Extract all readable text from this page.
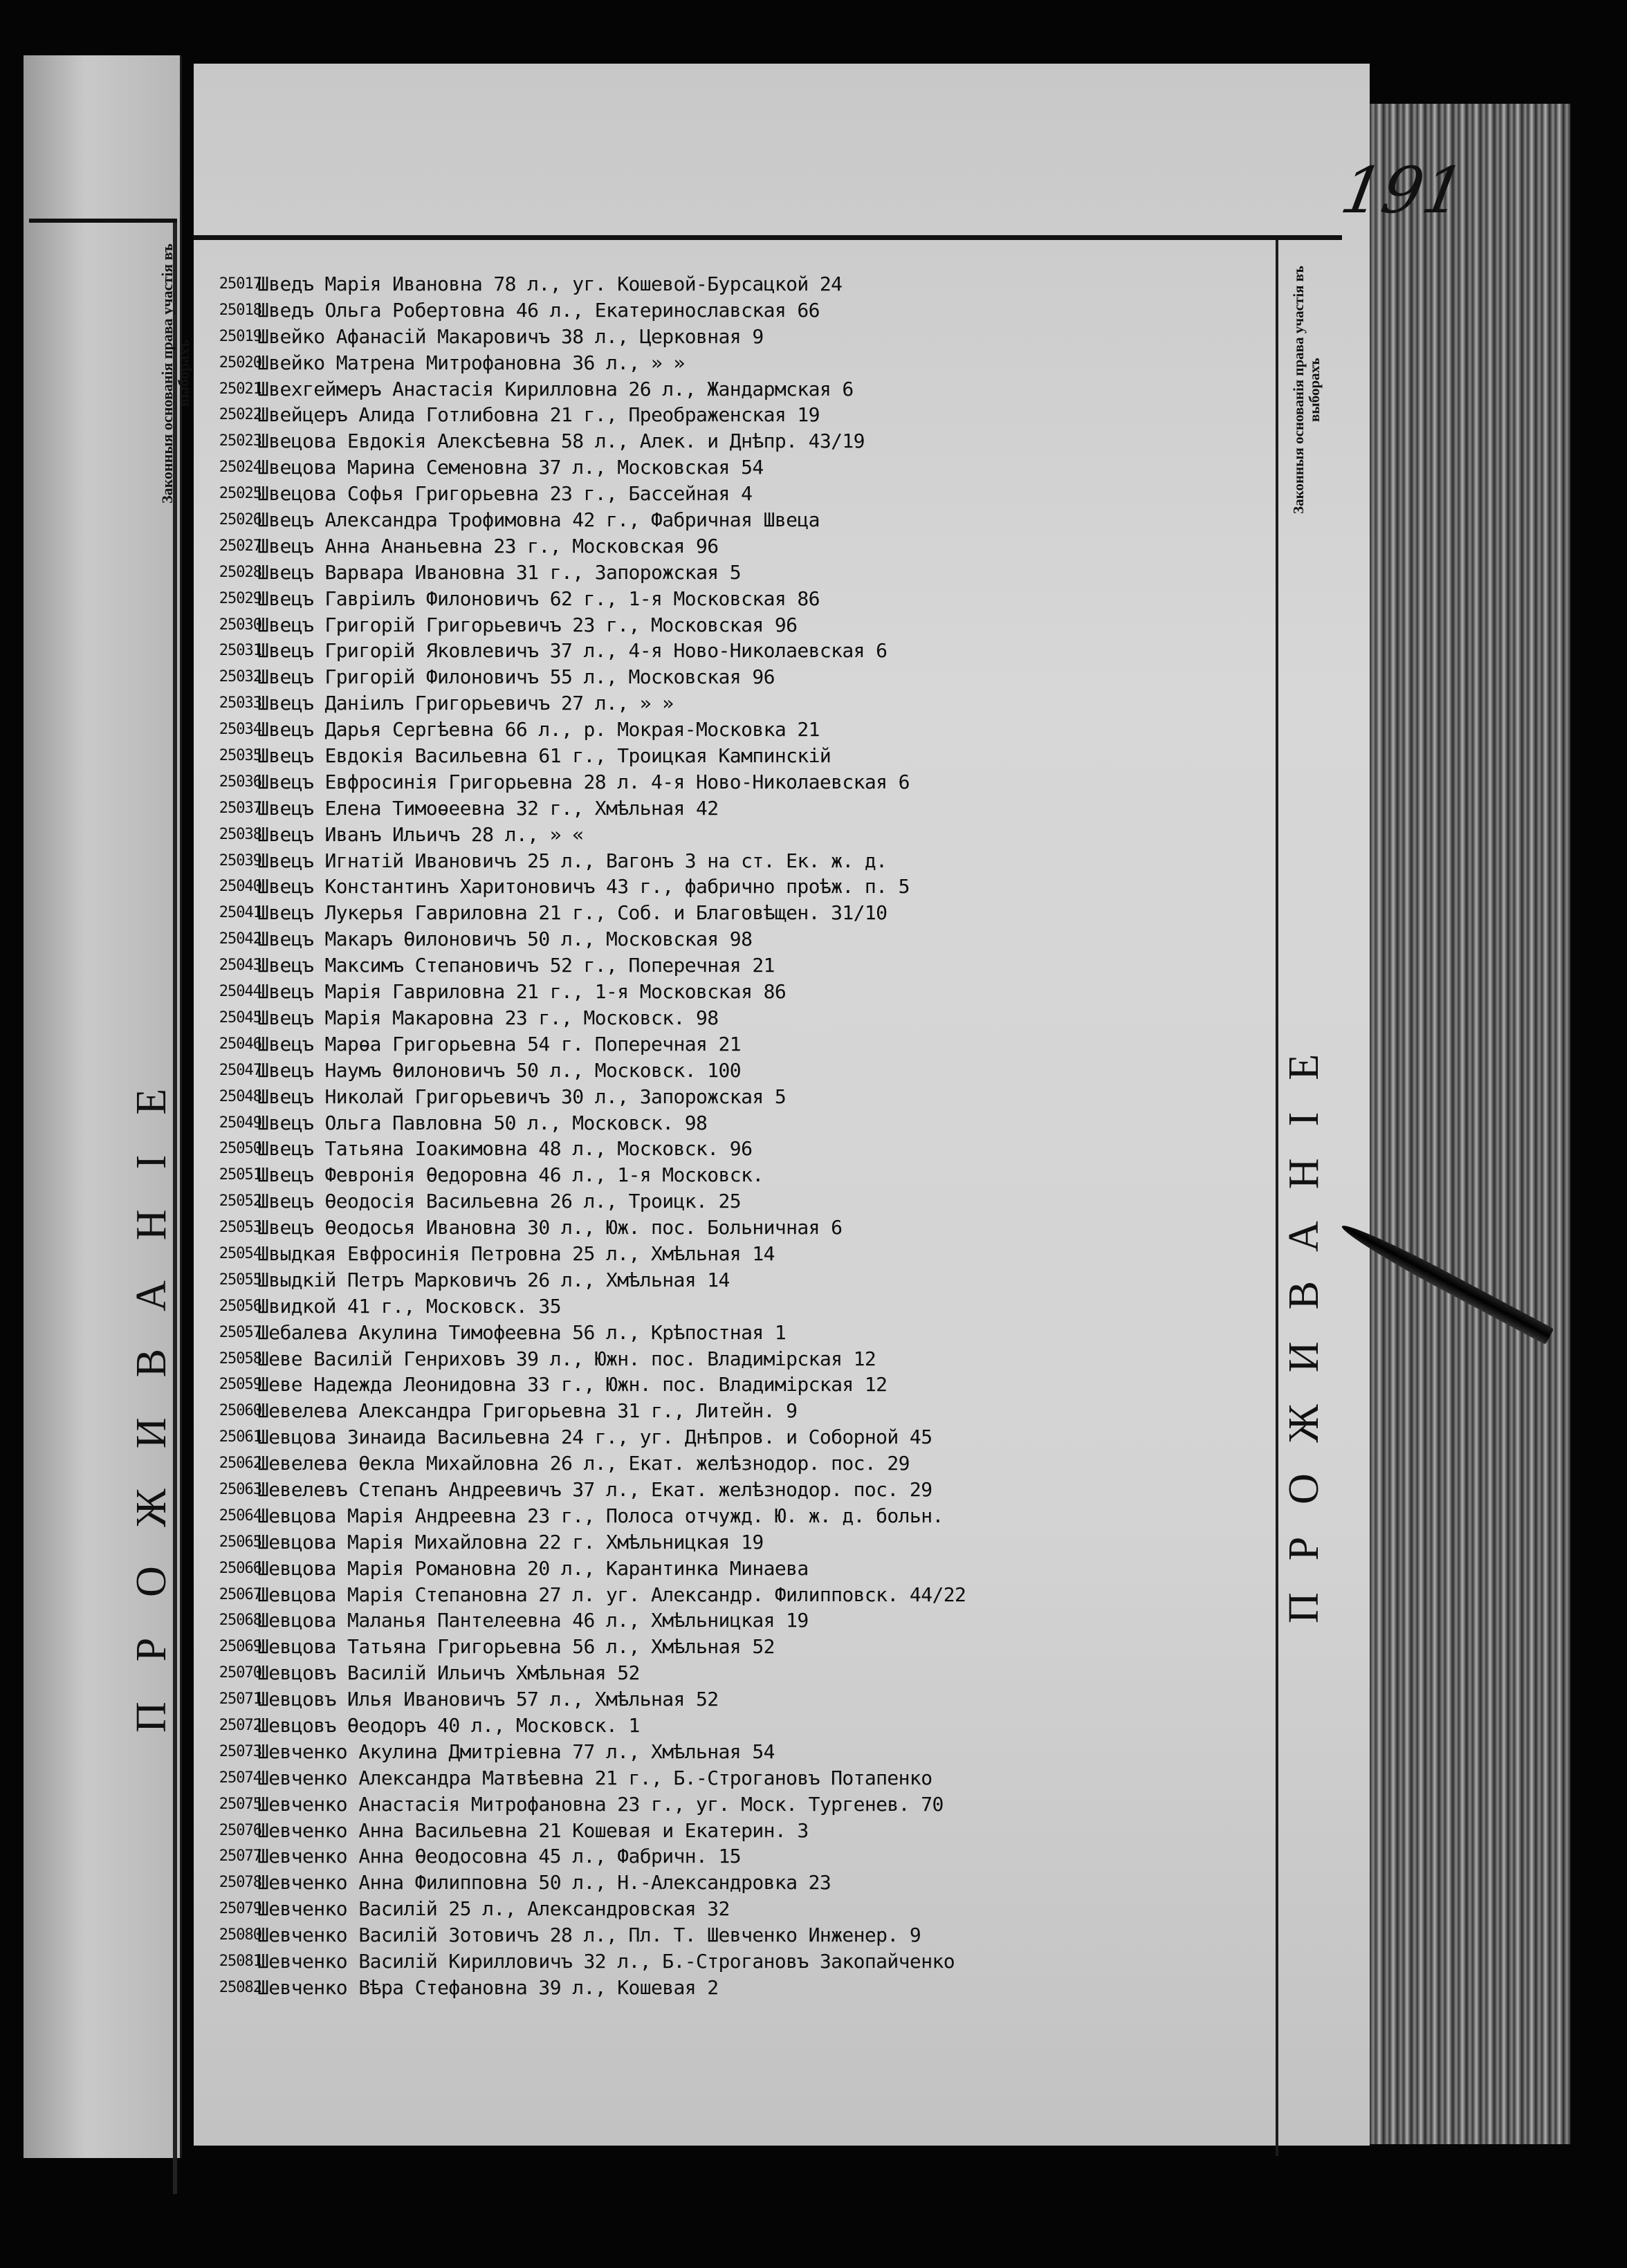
Законныя основанія права участія въ выборахъ
ПРОЖИВАНІЕ
191
Законныя основанія права участія въ выборахъ
ПРОЖИВАНІЕ
25017
Шведъ Марія Ивановна 78 л., уг. Кошевой-Бурсацкой 24
25018
Шведъ Ольга Робертовна 46 л., Екатеринославская 66
25019
Швейко Афанасій Макаровичъ 38 л., Церковная 9
25020
Швейко Матрена Митрофановна 36 л., » »
25021
Швехгеймеръ Анастасія Кирилловна 26 л., Жандармская 6
25022
Швейцеръ Алида Готлибовна 21 г., Преображенская 19
25023
Швецова Евдокія Алексѣевна 58 л., Алек. и Днѣпр. 43/19
25024
Швецова Марина Семеновна 37 л., Московская 54
25025
Швецова Софья Григорьевна 23 г., Бассейная 4
25026
Швецъ Александра Трофимовна 42 г., Фабричная Швеца
25027
Швецъ Анна Ананьевна 23 г., Московская 96
25028
Швецъ Варвара Ивановна 31 г., Запорожская 5
25029
Швецъ Гавріилъ Филоновичъ 62 г., 1-я Московская 86
25030
Швецъ Григорій Григорьевичъ 23 г., Московская 96
25031
Швецъ Григорій Яковлевичъ 37 л., 4-я Ново-Николаевская 6
25032
Швецъ Григорій Филоновичъ 55 л., Московская 96
25033
Швецъ Даніилъ Григорьевичъ 27 л., » »
25034
Швецъ Дарья Сергѣевна 66 л., р. Мокрая-Московка 21
25035
Швецъ Евдокія Васильевна 61 г., Троицкая Кампинскій
25036
Швецъ Евфросинія Григорьевна 28 л. 4-я Ново-Николаевская 6
25037
Швецъ Елена Тимоѳеевна 32 г., Хмѣльная 42
25038
Швецъ Иванъ Ильичъ 28 л., » «
25039
Швецъ Игнатій Ивановичъ 25 л., Вагонъ 3 на ст. Ек. ж. д.
25040
Швецъ Константинъ Харитоновичъ 43 г., фабрично проѣж. п. 5
25041
Швецъ Лукерья Гавриловна 21 г., Соб. и Благовѣщен. 31/10
25042
Швецъ Макаръ Ѳилоновичъ 50 л., Московская 98
25043
Швецъ Максимъ Степановичъ 52 г., Поперечная 21
25044
Швецъ Марія Гавриловна 21 г., 1-я Московская 86
25045
Швецъ Марія Макаровна 23 г., Московск. 98
25046
Швецъ Марѳа Григорьевна 54 г. Поперечная 21
25047
Швецъ Наумъ Ѳилоновичъ 50 л., Московск. 100
25048
Швецъ Николай Григорьевичъ 30 л., Запорожская 5
25049
Швецъ Ольга Павловна 50 л., Московск. 98
25050
Швецъ Татьяна Іоакимовна 48 л., Московск. 96
25051
Швецъ Февронія Ѳедоровна 46 л., 1-я Московск.
25052
Швецъ Ѳеодосія Васильевна 26 л., Троицк. 25
25053
Швецъ Ѳеодосья Ивановна 30 л., Юж. пос. Больничная 6
25054
Швыдкая Евфросинія Петровна 25 л., Хмѣльная 14
25055
Швыдкій Петръ Марковичъ 26 л., Хмѣльная 14
25056
Швидкой 41 г., Московск. 35
25057
Шебалева Акулина Тимофеевна 56 л., Крѣпостная 1
25058
Шеве Василій Генриховъ 39 л., Южн. пос. Владимірская 12
25059
Шеве Надежда Леонидовна 33 г., Южн. пос. Владимірская 12
25060
Шевелева Александра Григорьевна 31 г., Литейн. 9
25061
Шевцова Зинаида Васильевна 24 г., уг. Днѣпров. и Соборной 45
25062
Шевелева Ѳекла Михайловна 26 л., Екат. желѣзнодор. пос. 29
25063
Шевелевъ Степанъ Андреевичъ 37 л., Екат. желѣзнодор. пос. 29
25064
Шевцова Марія Андреевна 23 г., Полоса отчужд. Ю. ж. д. больн.
25065
Шевцова Марія Михайловна 22 г. Хмѣльницкая 19
25066
Шевцова Марія Романовна 20 л., Карантинка Минаева
25067
Шевцова Марія Степановна 27 л. уг. Александр. Филипповск. 44/22
25068
Шевцова Маланья Пантелеевна 46 л., Хмѣльницкая 19
25069
Шевцова Татьяна Григорьевна 56 л., Хмѣльная 52
25070
Шевцовъ Василій Ильичъ Хмѣльная 52
25071
Шевцовъ Илья Ивановичъ 57 л., Хмѣльная 52
25072
Шевцовъ Ѳеодоръ 40 л., Московск. 1
25073
Шевченко Акулина Дмитріевна 77 л., Хмѣльная 54
25074
Шевченко Александра Матвѣевна 21 г., Б.-Строгановъ Потапенко
25075
Шевченко Анастасія Митрофановна 23 г., уг. Моск. Тургенев. 70
25076
Шевченко Анна Васильевна 21 Кошевая и Екатерин. 3
25077
Шевченко Анна Ѳеодосовна 45 л., Фабричн. 15
25078
Шевченко Анна Филипповна 50 л., Н.-Александровка 23
25079
Шевченко Василій 25 л., Александровская 32
25080
Шевченко Василій Зотовичъ 28 л., Пл. Т. Шевченко Инженер. 9
25081
Шевченко Василій Кирилловичъ 32 л., Б.-Строгановъ Закопайченко
25082
Шевченко Вѣра Стефановна 39 л., Кошевая 2
